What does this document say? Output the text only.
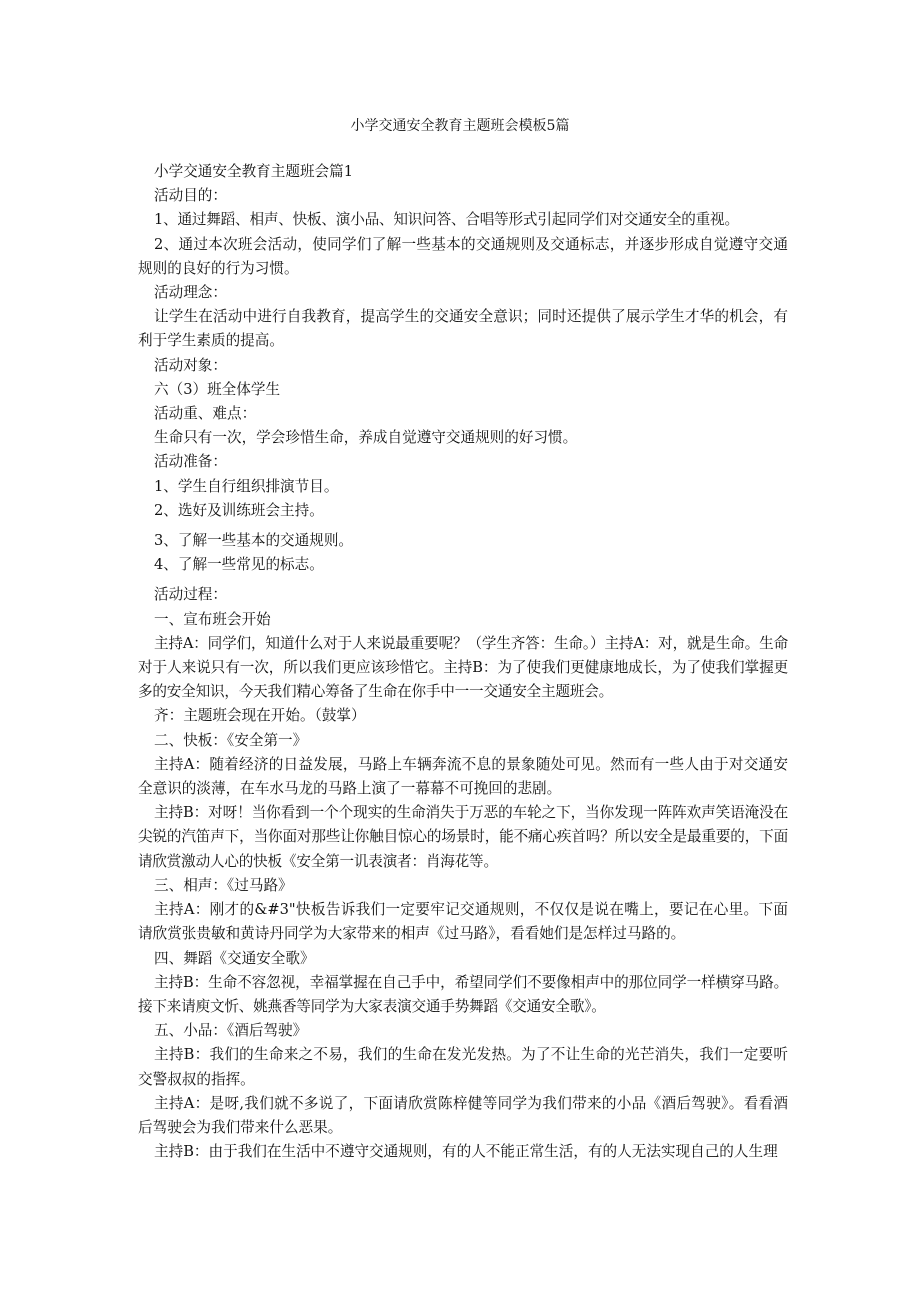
小学交通安全教育主题班会模板5篇

小学交通安全教育主题班会篇1

活动目的：

1、通过舞蹈、相声、快板、演小品、知识问答、合唱等形式引起同学们对交通安全的重视。

2、通过本次班会活动，使同学们了解一些基本的交通规则及交通标志，并逐步形成自觉遵守交通规则的良好的行为习惯。

活动理念：

让学生在活动中进行自我教育，提高学生的交通安全意识；同时还提供了展示学生才华的机会，有利于学生素质的提高。

活动对象：

六（3）班全体学生

活动重、难点：

生命只有一次，学会珍惜生命，养成自觉遵守交通规则的好习惯。

活动准备：

1、学生自行组织排演节目。

2、选好及训练班会主持。

3、了解一些基本的交通规则。

4、了解一些常见的标志。

活动过程：

一、宣布班会开始

主持A：同学们，知道什么对于人来说最重要呢？（学生齐答：生命。）主持A：对，就是生命。生命对于人来说只有一次，所以我们更应该珍惜它。主持B：为了使我们更健康地成长，为了使我们掌握更多的安全知识，今天我们精心筹备了生命在你手中一一交通安全主题班会。

齐：主题班会现在开始。（鼓掌）

二、快板：《安全第一》

主持A：随着经济的日益发展，马路上车辆奔流不息的景象随处可见。然而有一些人由于对交通安全意识的淡薄，在车水马龙的马路上演了一幕幕不可挽回的悲剧。

主持B：对呀！当你看到一个个现实的生命消失于万恶的车轮之下，当你发现一阵阵欢声笑语淹没在尖锐的汽笛声下，当你面对那些让你触目惊心的场景时，能不痛心疾首吗？所以安全是最重要的，下面请欣赏激动人心的快板《安全第一讥表演者：肖海花等。

三、相声：《过马路》

主持A：刚才的&#3"快板告诉我们一定要牢记交通规则，不仅仅是说在嘴上，要记在心里。下面请欣赏张贵敏和黄诗丹同学为大家带来的相声《过马路》，看看她们是怎样过马路的。

四、舞蹈《交通安全歌》

主持B：生命不容忽视，幸福掌握在自己手中，希望同学们不要像相声中的那位同学一样横穿马路。接下来请庾文忻、姚燕香等同学为大家表演交通手势舞蹈《交通安全歌》。

五、小品：《酒后驾驶》

主持B：我们的生命来之不易，我们的生命在发光发热。为了不让生命的光芒消失，我们一定要听交警叔叔的指挥。

主持A：是呀,我们就不多说了，下面请欣赏陈梓健等同学为我们带来的小品《酒后驾驶》。看看酒后驾驶会为我们带来什么恶果。

主持B：由于我们在生活中不遵守交通规则，有的人不能正常生活，有的人无法实现自己的人生理
